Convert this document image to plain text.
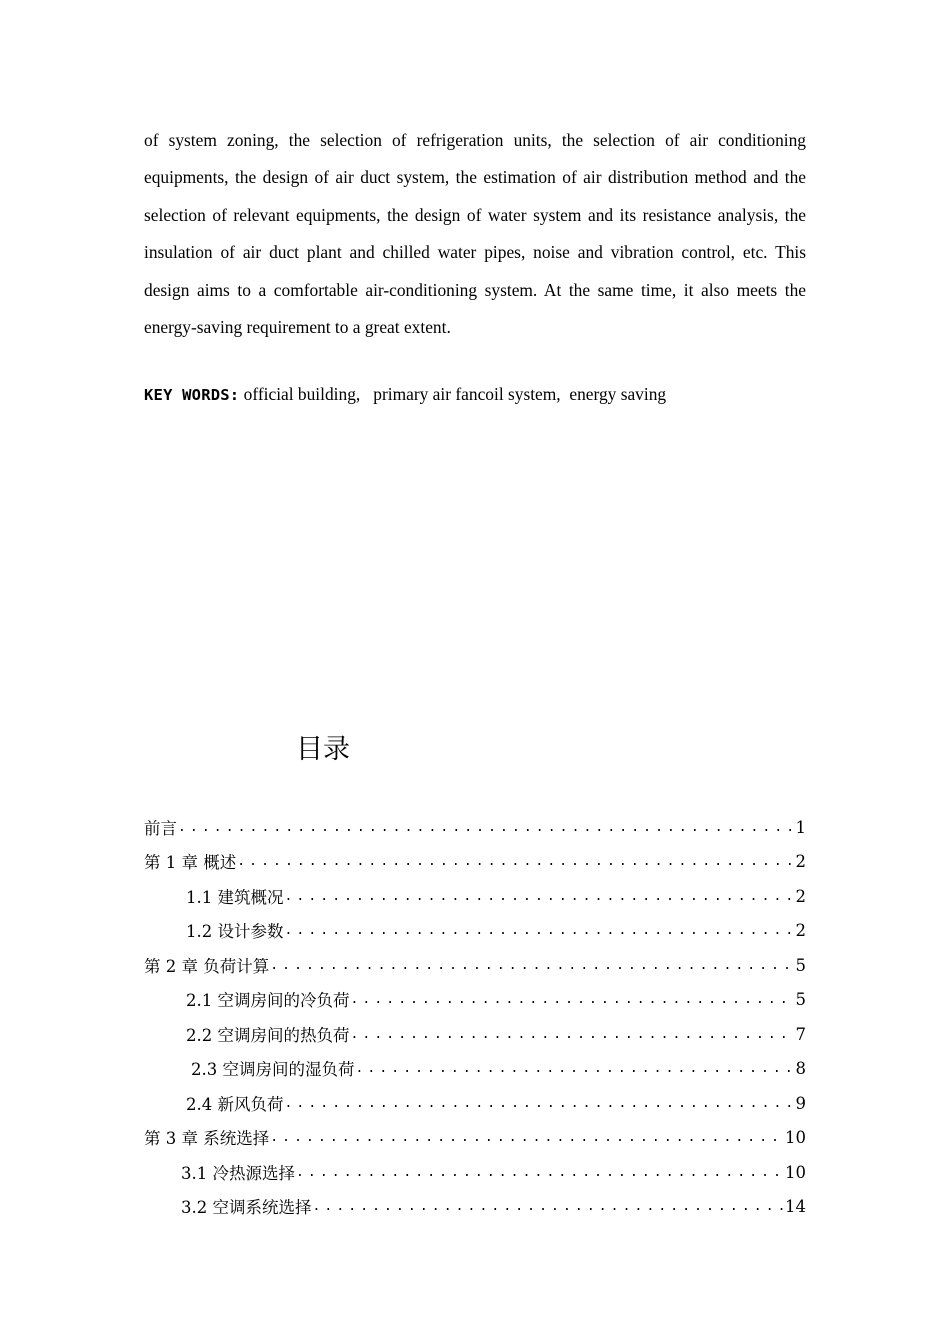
of system zoning, the selection of refrigeration units, the selection of air conditioning equipments, the design of air duct system, the estimation of air distribution method and the selection of relevant equipments, the design of water system and its resistance analysis, the insulation of air duct plant and chilled water pipes, noise and vibration control, etc. This design aims to a comfortable air-conditioning system. At the same time, it also meets the energy-saving requirement to a great extent.

KEY WORDS: official building,   primary air fancoil system,  energy saving
目录
前言 .....	1
第 1 章 概述 .....	2
1.1 建筑概况 .....	2
1.2 设计参数 .....	2
第 2 章 负荷计算 .....	5
2.1 空调房间的冷负荷 .....	5
2.2 空调房间的热负荷 .....	7
2.3 空调房间的湿负荷 .....	8
2.4 新风负荷 .....	9
第 3 章 系统选择 .....	10
3.1 冷热源选择 .....	10
3.2 空调系统选择 .....	14
